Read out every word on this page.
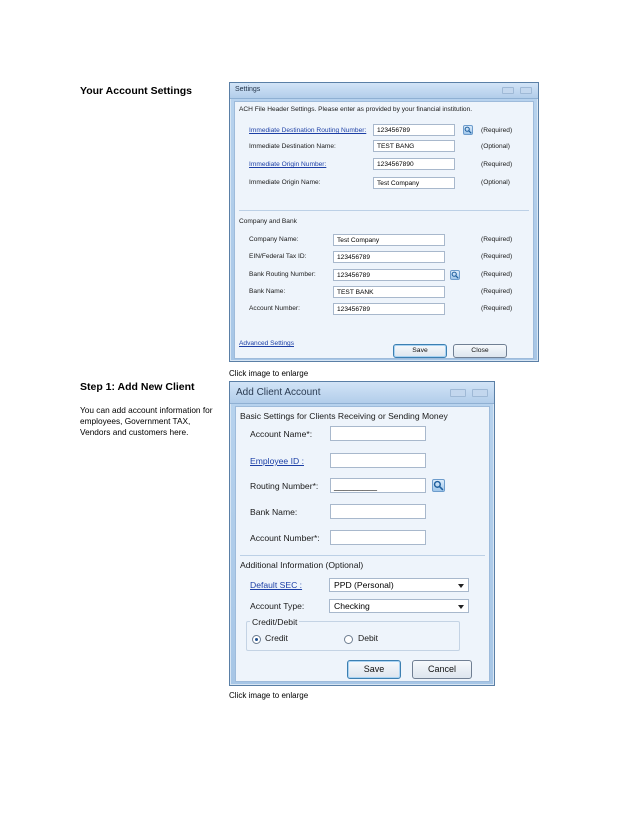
Your Account Settings
Step 1: Add New Client
You can add account information for employees, Government TAX, Vendors and customers here.
Settings
ACH File Header Settings. Please enter as provided by your financial institution.
Immediate Destination Routing Number:	123456789	(Required)
Immediate Destination Name:	TEST BANG	(Optional)
Immediate Origin Number:	1234567890	(Required)
Immediate Origin Name:	Test Company	(Optional)
Company and Bank
Company Name:	Test Company	(Required)
EIN/Federal Tax ID:	123456789	(Required)
Bank Routing Number:	123456789	(Required)
Bank Name:	TEST BANK	(Required)
Account Number:	123456789	(Required)
Advanced Settings
Save	Close
Click image to enlarge
Add Client Account
Basic Settings for Clients Receiving or Sending Money
Account Name*:
Employee ID :
Routing Number*:	_________
Bank Name:
Account Number*:
Additional Information (Optional)
Default SEC :	PPD (Personal)
Account Type:	Checking
Credit/Debit
Credit	Debit
Save	Cancel
Click image to enlarge
